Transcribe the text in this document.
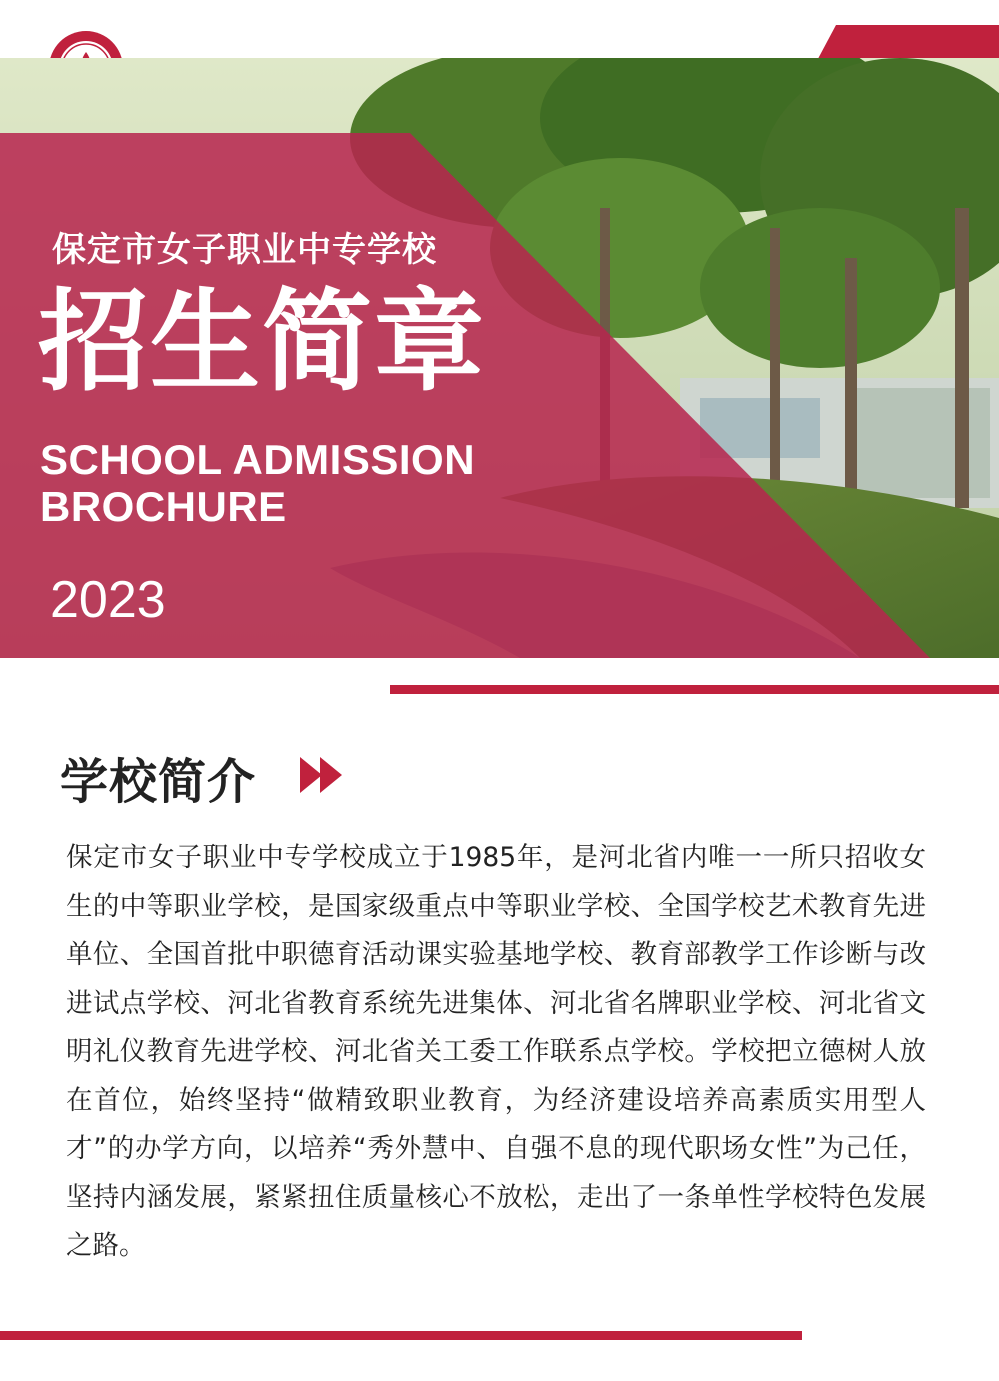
保定市女子职业中专学校
招生简章
SCHOOL ADMISSION
BROCHURE
2023
学校简介
保定市女子职业中专学校成立于1985年，是河北省内唯一一所只招收女生的中等职业学校，是国家级重点中等职业学校、全国学校艺术教育先进单位、全国首批中职德育活动课实验基地学校、教育部教学工作诊断与改进试点学校、河北省教育系统先进集体、河北省名牌职业学校、河北省文明礼仪教育先进学校、河北省关工委工作联系点学校。学校把立德树人放在首位，始终坚持“做精致职业教育，为经济建设培养高素质实用型人才”的办学方向，以培养“秀外慧中、自强不息的现代职场女性”为己任，坚持内涵发展，紧紧扭住质量核心不放松，走出了一条单性学校特色发展之路。
